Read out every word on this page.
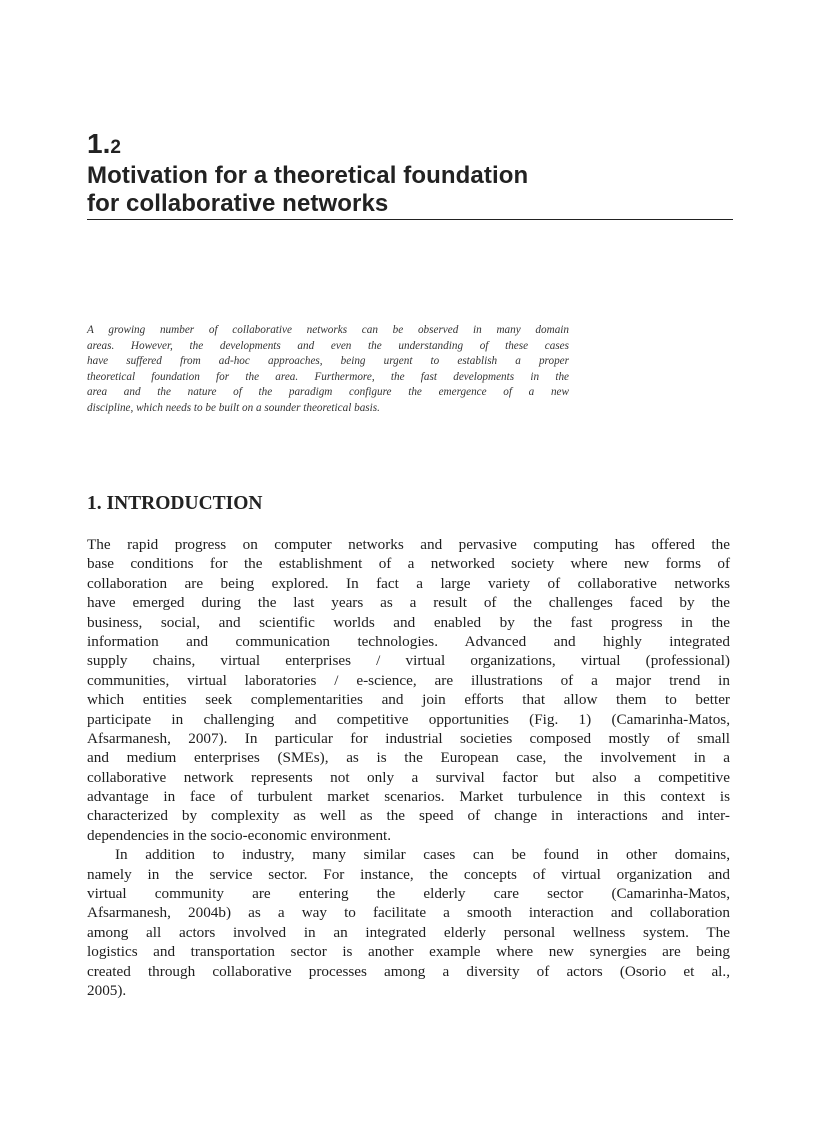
1.2
Motivation for a theoretical foundation
for collaborative networks
A growing number of collaborative networks can be observed in many domain
areas. However, the developments and even the understanding of these cases
have suffered from ad-hoc approaches, being urgent to establish a proper
theoretical foundation for the area. Furthermore, the fast developments in the
area and the nature of the paradigm configure the emergence of a new
discipline, which needs to be built on a sounder theoretical basis.
1. INTRODUCTION
The rapid progress on computer networks and pervasive computing has offered the
base conditions for the establishment of a networked society where new forms of
collaboration are being explored. In fact a large variety of collaborative networks
have emerged during the last years as a result of the challenges faced by the
business, social, and scientific worlds and enabled by the fast progress in the
information and communication technologies. Advanced and highly integrated
supply chains, virtual enterprises / virtual organizations, virtual (professional)
communities, virtual laboratories / e-science, are illustrations of a major trend in
which entities seek complementarities and join efforts that allow them to better
participate in challenging and competitive opportunities (Fig. 1) (Camarinha-Matos,
Afsarmanesh, 2007). In particular for industrial societies composed mostly of small
and medium enterprises (SMEs), as is the European case, the involvement in a
collaborative network represents not only a survival factor but also a competitive
advantage in face of turbulent market scenarios. Market turbulence in this context is
characterized by complexity as well as the speed of change in interactions and inter-
dependencies in the socio-economic environment.
In addition to industry, many similar cases can be found in other domains,
namely in the service sector. For instance, the concepts of virtual organization and
virtual community are entering the elderly care sector (Camarinha-Matos,
Afsarmanesh, 2004b) as a way to facilitate a smooth interaction and collaboration
among all actors involved in an integrated elderly personal wellness system. The
logistics and transportation sector is another example where new synergies are being
created through collaborative processes among a diversity of actors (Osorio et al.,
2005).
